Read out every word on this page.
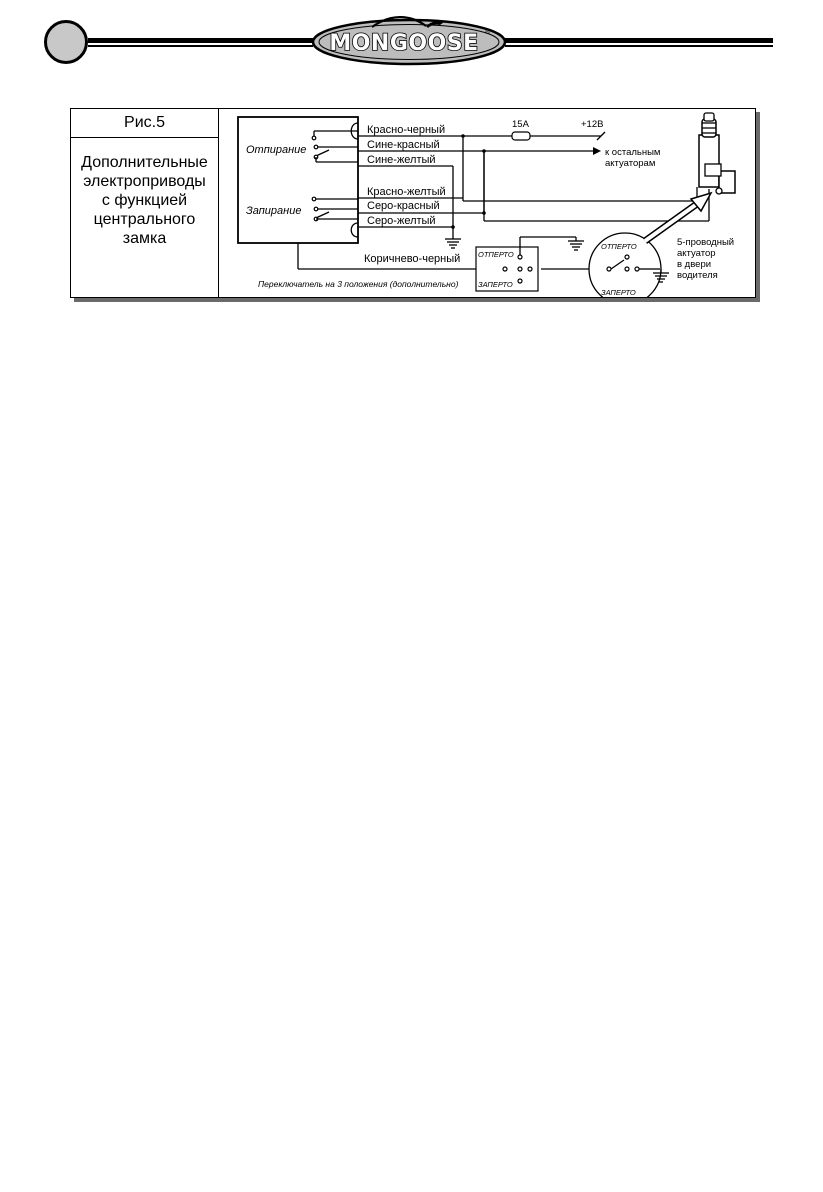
MONGOOSE ®
Рис.5
Дополнительные
электроприводы
с функцией
центрального
замка
Отпирание
Запирание
Красно-черный
Сине-красный
Сине-желтый
Красно-желтый
Серо-красный
Серо-желтый
Коричнево-черный
15A	+12В
к остальным
актуаторам
ОТПЕРТО
ЗАПЕРТО
Переключатель на 3 положения (дополнительно)
ОТПЕРТО
ЗАПЕРТО
5-проводный
актуатор
в двери
водителя
